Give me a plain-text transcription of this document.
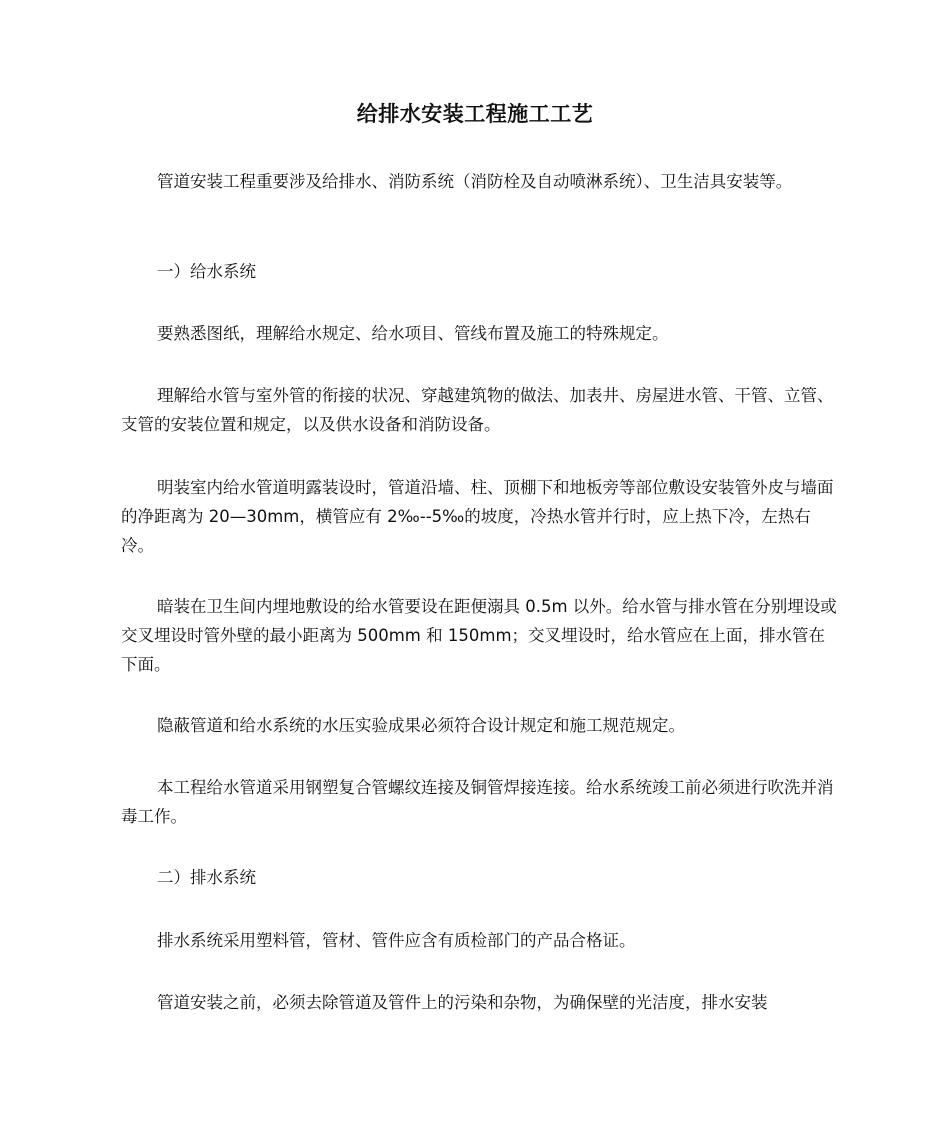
给排水安装工程施工工艺

管道安装工程重要涉及给排水、消防系统（消防栓及自动喷淋系统）、卫生洁具安装等。

一）给水系统

要熟悉图纸，理解给水规定、给水项目、管线布置及施工的特殊规定。

理解给水管与室外管的衔接的状况、穿越建筑物的做法、加表井、房屋进水管、干管、立管、支管的安装位置和规定，以及供水设备和消防设备。

明装室内给水管道明露装设时，管道沿墙、柱、顶棚下和地板旁等部位敷设安装管外皮与墙面的净距离为 20—30mm，横管应有 2‰--5‰的坡度，冷热水管并行时，应上热下冷，左热右冷。

暗装在卫生间内埋地敷设的给水管要设在距便溺具 0.5m 以外。给水管与排水管在分别埋设或交叉埋设时管外壁的最小距离为 500mm 和 150mm；交叉埋设时，给水管应在上面，排水管在下面。

隐蔽管道和给水系统的水压实验成果必须符合设计规定和施工规范规定。

本工程给水管道采用钢塑复合管螺纹连接及铜管焊接连接。给水系统竣工前必须进行吹洗并消毒工作。

二）排水系统

排水系统采用塑料管，管材、管件应含有质检部门的产品合格证。

管道安装之前，必须去除管道及管件上的污染和杂物，为确保壁的光洁度，排水安装
